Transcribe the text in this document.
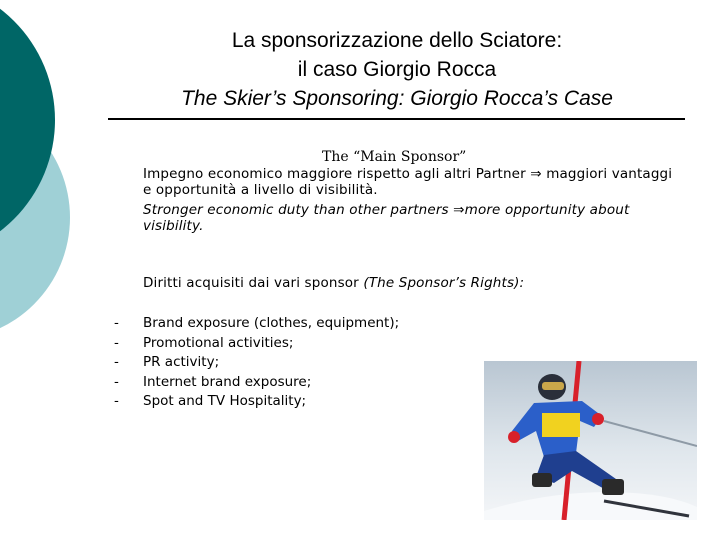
La sponsorizzazione dello Sciatore:
il caso Giorgio Rocca
The Skier’s Sponsoring: Giorgio Rocca’s Case
The “Main Sponsor”
Impegno economico maggiore rispetto agli altri Partner ⇒ maggiori vantaggi e opportunità a livello di visibilità.
Stronger economic duty than other partners ⇒more opportunity about visibility.
Diritti acquisiti dai vari sponsor (The Sponsor’s Rights):
- Brand exposure (clothes, equipment);
- Promotional activities;
- PR activity;
- Internet brand exposure;
- Spot and TV Hospitality;
